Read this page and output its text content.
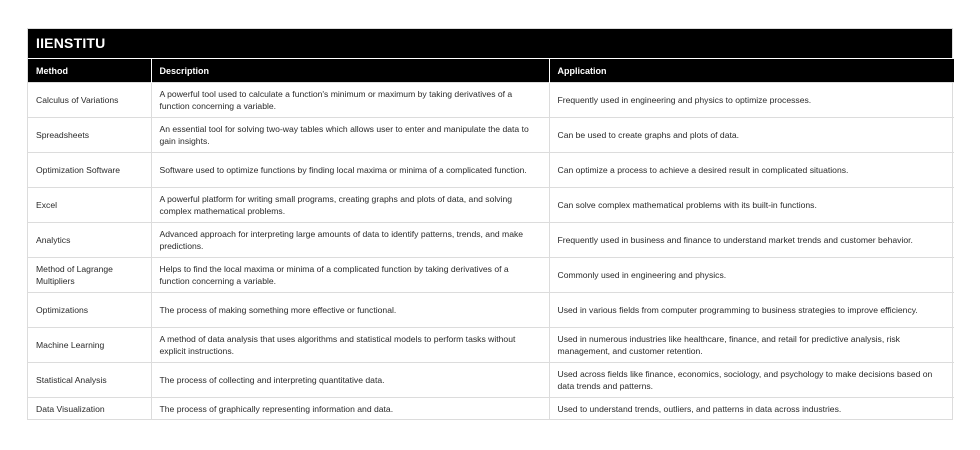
IIENSTITU
Method	Description	Application
Calculus of Variations	A powerful tool used to calculate a function's minimum or maximum by taking derivatives of a function concerning a variable.	Frequently used in engineering and physics to optimize processes.
Spreadsheets	An essential tool for solving two-way tables which allows user to enter and manipulate the data to gain insights.	Can be used to create graphs and plots of data.
Optimization Software	Software used to optimize functions by finding local maxima or minima of a complicated function.	Can optimize a process to achieve a desired result in complicated situations.
Excel	A powerful platform for writing small programs, creating graphs and plots of data, and solving complex mathematical problems.	Can solve complex mathematical problems with its built-in functions.
Analytics	Advanced approach for interpreting large amounts of data to identify patterns, trends, and make predictions.	Frequently used in business and finance to understand market trends and customer behavior.
Method of Lagrange Multipliers	Helps to find the local maxima or minima of a complicated function by taking derivatives of a function concerning a variable.	Commonly used in engineering and physics.
Optimizations	The process of making something more effective or functional.	Used in various fields from computer programming to business strategies to improve efficiency.
Machine Learning	A method of data analysis that uses algorithms and statistical models to perform tasks without explicit instructions.	Used in numerous industries like healthcare, finance, and retail for predictive analysis, risk management, and customer retention.
Statistical Analysis	The process of collecting and interpreting quantitative data.	Used across fields like finance, economics, sociology, and psychology to make decisions based on data trends and patterns.
Data Visualization	The process of graphically representing information and data.	Used to understand trends, outliers, and patterns in data across industries.
